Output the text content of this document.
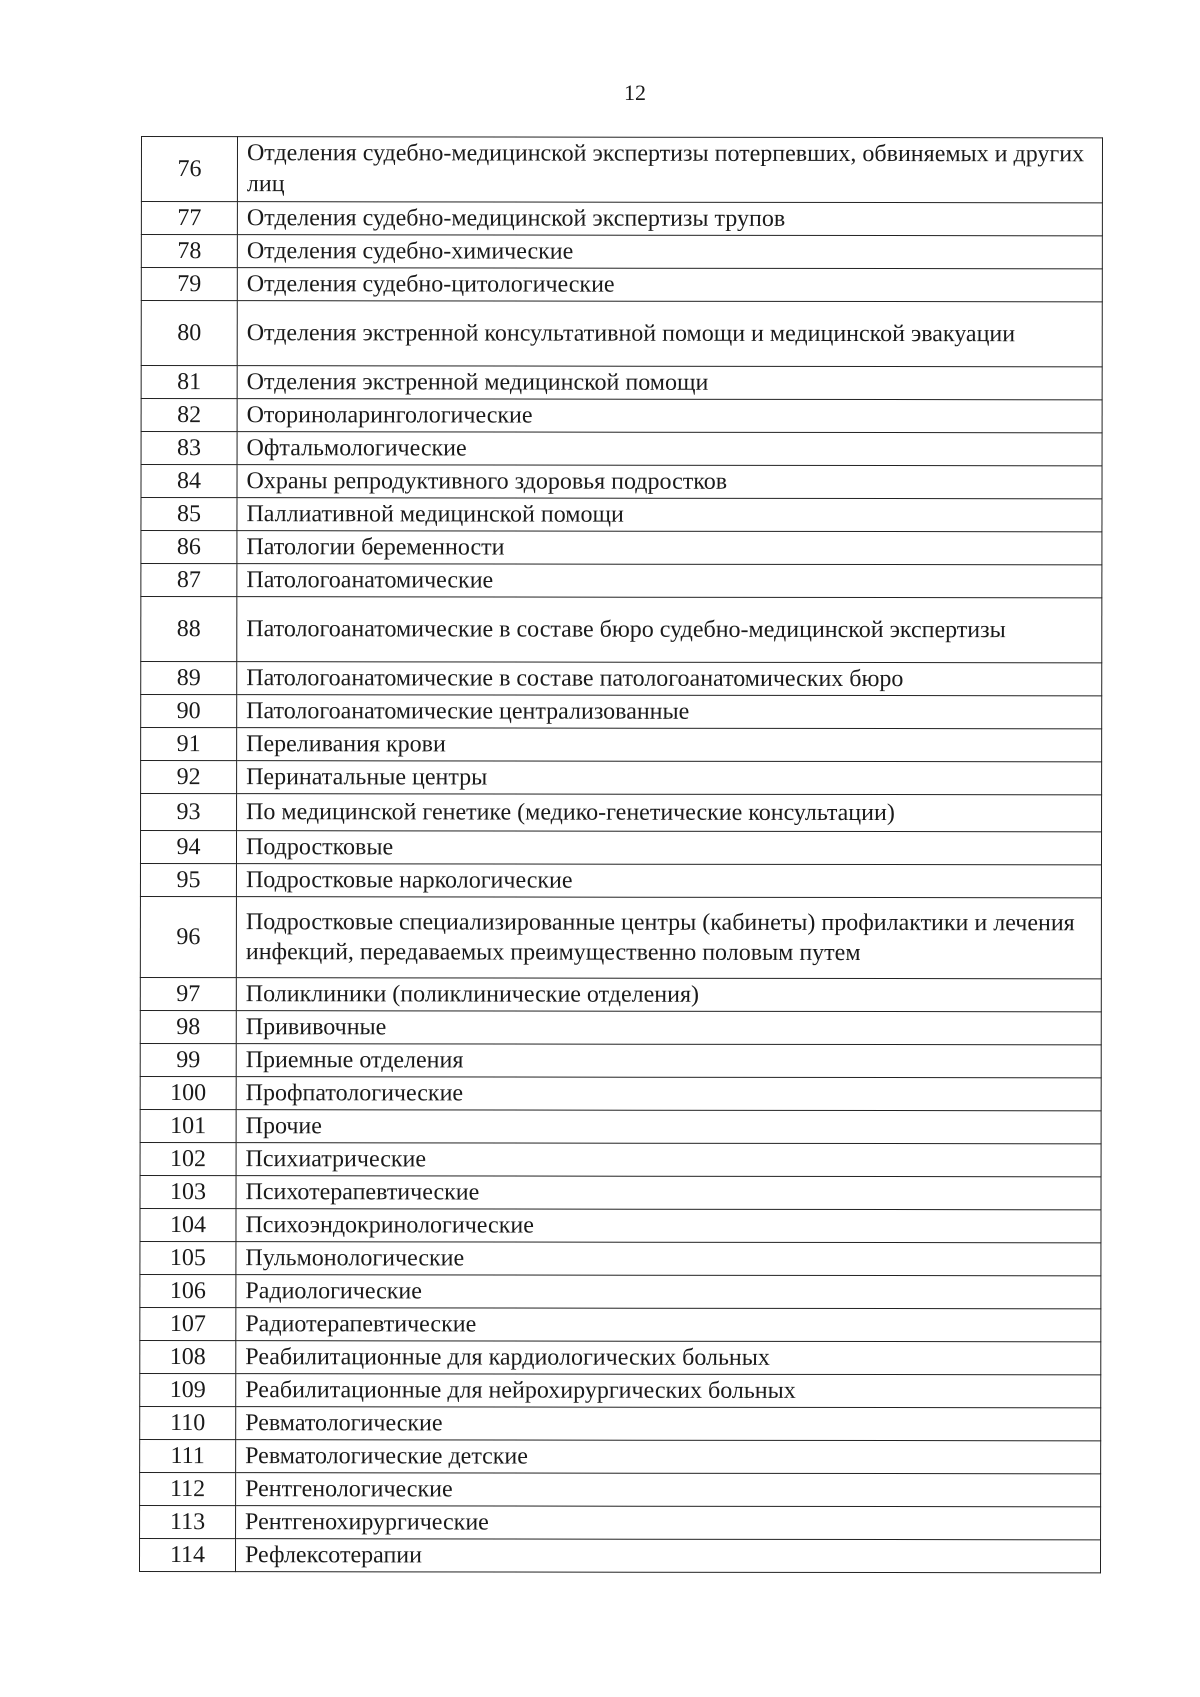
12
76	Отделения судебно-медицинской экспертизы потерпевших, обвиняемых и других лиц
77	Отделения судебно-медицинской экспертизы трупов
78	Отделения судебно-химические
79	Отделения судебно-цитологические
80	Отделения экстренной консультативной помощи и медицинской эвакуации
81	Отделения экстренной медицинской помощи
82	Оториноларингологические
83	Офтальмологические
84	Охраны репродуктивного здоровья подростков
85	Паллиативной медицинской помощи
86	Патологии беременности
87	Патологоанатомические
88	Патологоанатомические в составе бюро судебно-медицинской экспертизы
89	Патологоанатомические в составе патологоанатомических бюро
90	Патологоанатомические централизованные
91	Переливания крови
92	Перинатальные центры
93	По медицинской генетике (медико-генетические консультации)
94	Подростковые
95	Подростковые наркологические
96	Подростковые специализированные центры (кабинеты) профилактики и лечения инфекций, передаваемых преимущественно половым путем
97	Поликлиники (поликлинические отделения)
98	Прививочные
99	Приемные отделения
100	Профпатологические
101	Прочие
102	Психиатрические
103	Психотерапевтические
104	Психоэндокринологические
105	Пульмонологические
106	Радиологические
107	Радиотерапевтические
108	Реабилитационные для кардиологических больных
109	Реабилитационные для нейрохирургических больных
110	Ревматологические
111	Ревматологические детские
112	Рентгенологические
113	Рентгенохирургические
114	Рефлексотерапии
